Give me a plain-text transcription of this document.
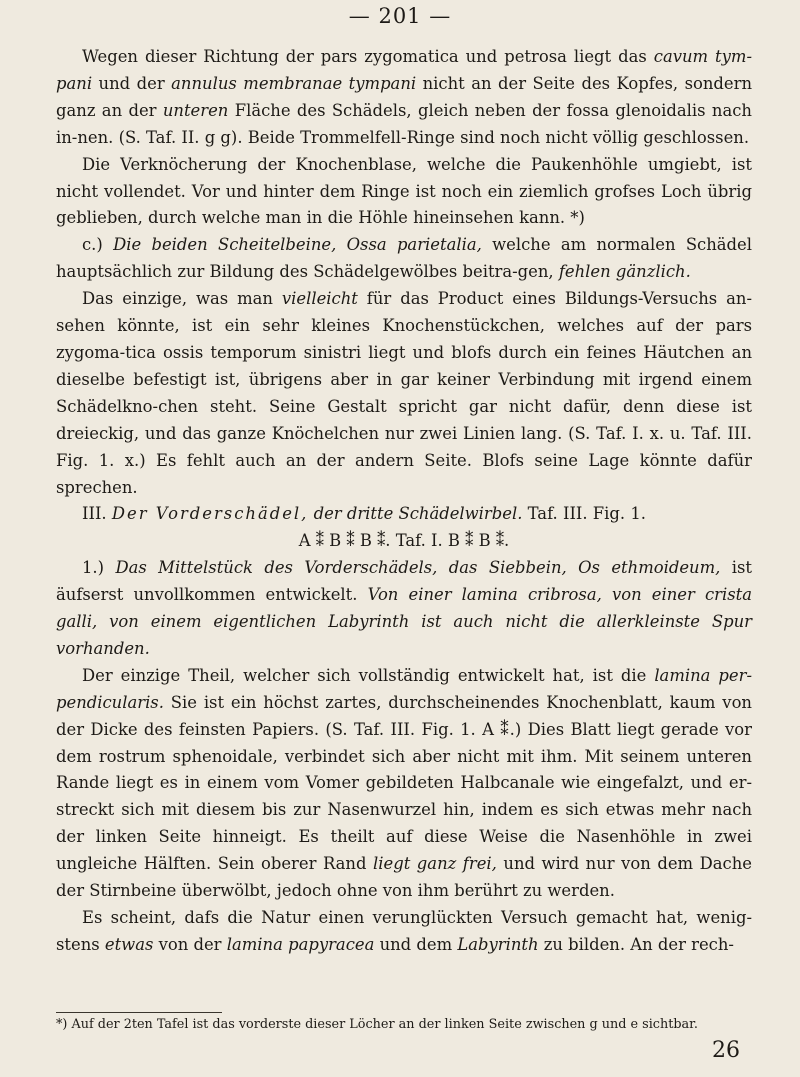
— 201 —

Wegen dieser Richtung der pars zygomatica und petrosa liegt das cavum tym-pani und der annulus membranae tympani nicht an der Seite des Kopfes, sondern ganz an der unteren Fläche des Schädels, gleich neben der fossa glenoidalis nach in-nen. (S. Taf. II. g g). Beide Trommelfell-Ringe sind noch nicht völlig geschlossen.

Die Verknöcherung der Knochenblase, welche die Paukenhöhle umgiebt, ist nicht vollendet. Vor und hinter dem Ringe ist noch ein ziemlich grofses Loch übrig geblieben, durch welche man in die Höhle hineinsehen kann. *)

c.) Die beiden Scheitelbeine, Ossa parietalia, welche am normalen Schädel hauptsächlich zur Bildung des Schädelgewölbes beitra-gen, fehlen gänzlich.

Das einzige, was man vielleicht für das Product eines Bildungs-Versuchs an-sehen könnte, ist ein sehr kleines Knochenstückchen, welches auf der pars zygoma-tica ossis temporum sinistri liegt und blofs durch ein feines Häutchen an dieselbe befestigt ist, übrigens aber in gar keiner Verbindung mit irgend einem Schädelkno-chen steht. Seine Gestalt spricht gar nicht dafür, denn diese ist dreieckig, und das ganze Knöchelchen nur zwei Linien lang. (S. Taf. I. x. u. Taf. III. Fig. 1. x.) Es fehlt auch an der andern Seite. Blofs seine Lage könnte dafür sprechen.

III. Der Vorderschädel, der dritte Schädelwirbel. Taf. III. Fig. 1.

A ⁑ B ⁑ B ⁑. Taf. I. B ⁑ B ⁑.

1.) Das Mittelstück des Vorderschädels, das Siebbein, Os ethmoideum, ist äufserst unvollkommen entwickelt. Von einer lamina cribrosa, von einer crista galli, von einem eigentlichen Labyrinth ist auch nicht die allerkleinste Spur vorhanden.

Der einzige Theil, welcher sich vollständig entwickelt hat, ist die lamina per-pendicularis. Sie ist ein höchst zartes, durchscheinendes Knochenblatt, kaum von der Dicke des feinsten Papiers. (S. Taf. III. Fig. 1. A ⁑.) Dies Blatt liegt gerade vor dem rostrum sphenoidale, verbindet sich aber nicht mit ihm. Mit seinem unteren Rande liegt es in einem vom Vomer gebildeten Halbcanale wie eingefalzt, und er-streckt sich mit diesem bis zur Nasenwurzel hin, indem es sich etwas mehr nach der linken Seite hinneigt. Es theilt auf diese Weise die Nasenhöhle in zwei ungleiche Hälften. Sein oberer Rand liegt ganz frei, und wird nur von dem Dache der Stirnbeine überwölbt, jedoch ohne von ihm berührt zu werden.

Es scheint, dafs die Natur einen verunglückten Versuch gemacht hat, wenig-stens etwas von der lamina papyracea und dem Labyrinth zu bilden. An der rech-

*) Auf der 2ten Tafel ist das vorderste dieser Löcher an der linken Seite zwischen g und e sichtbar.
26
